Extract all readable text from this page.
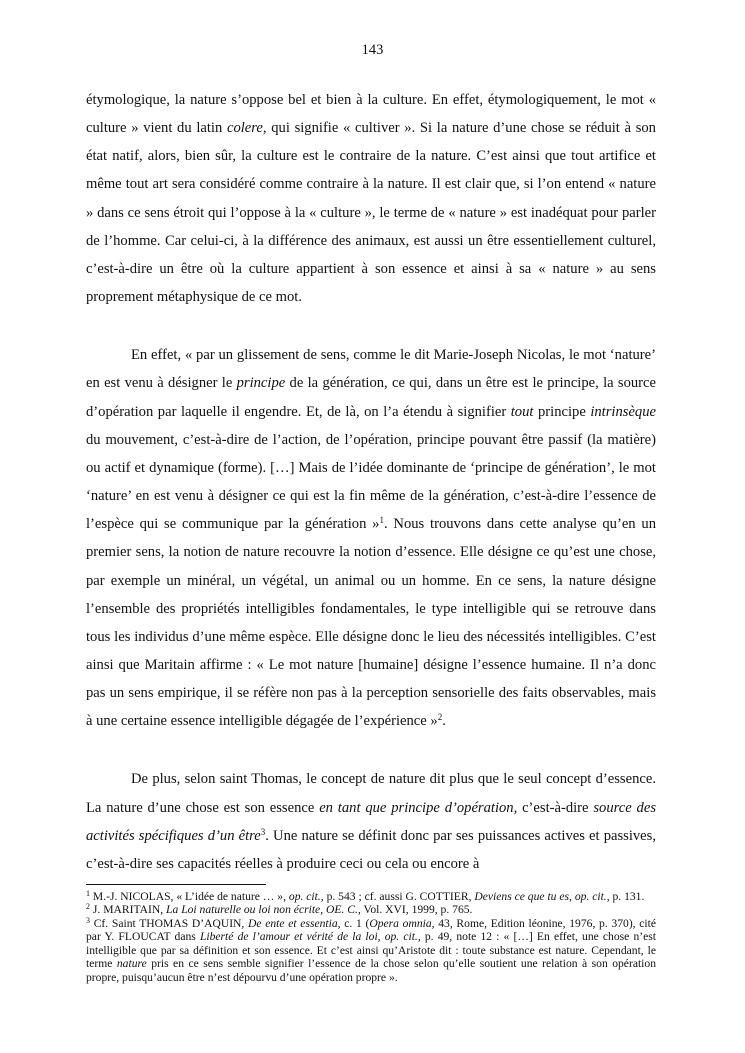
143

étymologique, la nature s’oppose bel et bien à la culture. En effet, étymologiquement, le mot « culture » vient du latin colere, qui signifie « cultiver ». Si la nature d’une chose se réduit à son état natif, alors, bien sûr, la culture est le contraire de la nature. C’est ainsi que tout artifice et même tout art sera considéré comme contraire à la nature. Il est clair que, si l’on entend « nature » dans ce sens étroit qui l’oppose à la « culture », le terme de « nature » est inadéquat pour parler de l’homme. Car celui-ci, à la différence des animaux, est aussi un être essentiellement culturel, c’est-à-dire un être où la culture appartient à son essence et ainsi à sa « nature » au sens proprement métaphysique de ce mot.

En effet, « par un glissement de sens, comme le dit Marie-Joseph Nicolas, le mot ‘nature’ en est venu à désigner le principe de la génération, ce qui, dans un être est le principe, la source d’opération par laquelle il engendre. Et, de là, on l’a étendu à signifier tout principe intrinsèque du mouvement, c’est-à-dire de l’action, de l’opération, principe pouvant être passif (la matière) ou actif et dynamique (forme). […] Mais de l’idée dominante de ‘principe de génération’, le mot ‘nature’ en est venu à désigner ce qui est la fin même de la génération, c’est-à-dire l’essence de l’espèce qui se communique par la génération »$^1$. Nous trouvons dans cette analyse qu’en un premier sens, la notion de nature recouvre la notion d’essence. Elle désigne ce qu’est une chose, par exemple un minéral, un végétal, un animal ou un homme. En ce sens, la nature désigne l’ensemble des propriétés intelligibles fondamentales, le type intelligible qui se retrouve dans tous les individus d’une même espèce. Elle désigne donc le lieu des nécessités intelligibles. C’est ainsi que Maritain affirme : « Le mot nature [humaine] désigne l’essence humaine. Il n’a donc pas un sens empirique, il se réfère non pas à la perception sensorielle des faits observables, mais à une certaine essence intelligible dégagée de l’expérience »$^2$.

De plus, selon saint Thomas, le concept de nature dit plus que le seul concept d’essence. La nature d’une chose est son essence en tant que principe d’opération, c’est-à-dire source des activités spécifiques d’un être$^3$. Une nature se définit donc par ses puissances actives et passives, c’est-à-dire ses capacités réelles à produire ceci ou cela ou encore à

$^1$ M.-J. NICOLAS, « L’idée de nature … », op. cit., p. 543 ; cf. aussi G. COTTIER, Deviens ce que tu es, op. cit., p. 131.

$^2$ J. MARITAIN, La Loi naturelle ou loi non écrite, OE. C., Vol. XVI, 1999, p. 765.

$^3$ Cf. Saint THOMAS D’AQUIN, De ente et essentia, c. 1 (Opera omnia, 43, Rome, Edition léonine, 1976, p. 370), cité par Y. FLOUCAT dans Liberté de l’amour et vérité de la loi, op. cit., p. 49, note 12 : « […] En effet, une chose n’est intelligible que par sa définition et son essence. Et c’est ainsi qu’Aristote dit : toute substance est nature. Cependant, le terme nature pris en ce sens semble signifier l’essence de la chose selon qu’elle soutient une relation à son opération propre, puisqu’aucun être n’est dépourvu d’une opération propre ».
